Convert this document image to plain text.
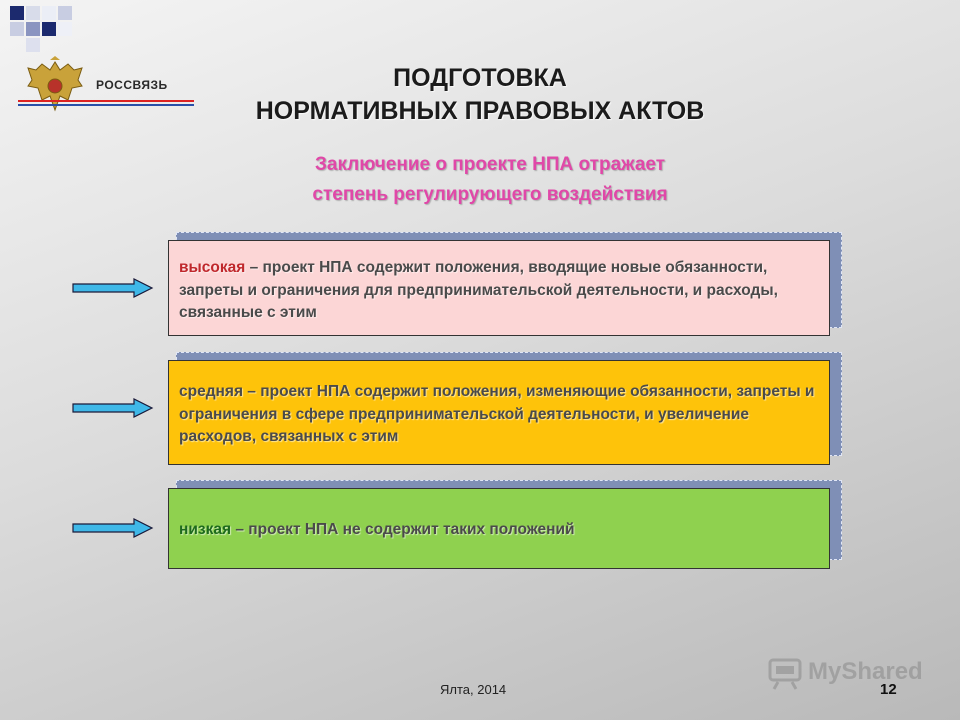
РОССВЯЗЬ	ПОДГОТОВКА
НОРМАТИВНЫХ ПРАВОВЫХ АКТОВ
Заключение о проекте НПА отражает
степень регулирующего воздействия
высокая – проект НПА содержит положения, вводящие новые обязанности, запреты и ограничения для предпринимательской деятельности, и расходы, связанные с этим
средняя – проект НПА содержит положения, изменяющие обязанности, запреты и ограничения в сфере предпринимательской деятельности, и увеличение расходов, связанных с этим
низкая – проект НПА не содержит таких положений
MyShared
Ялта, 2014	12
